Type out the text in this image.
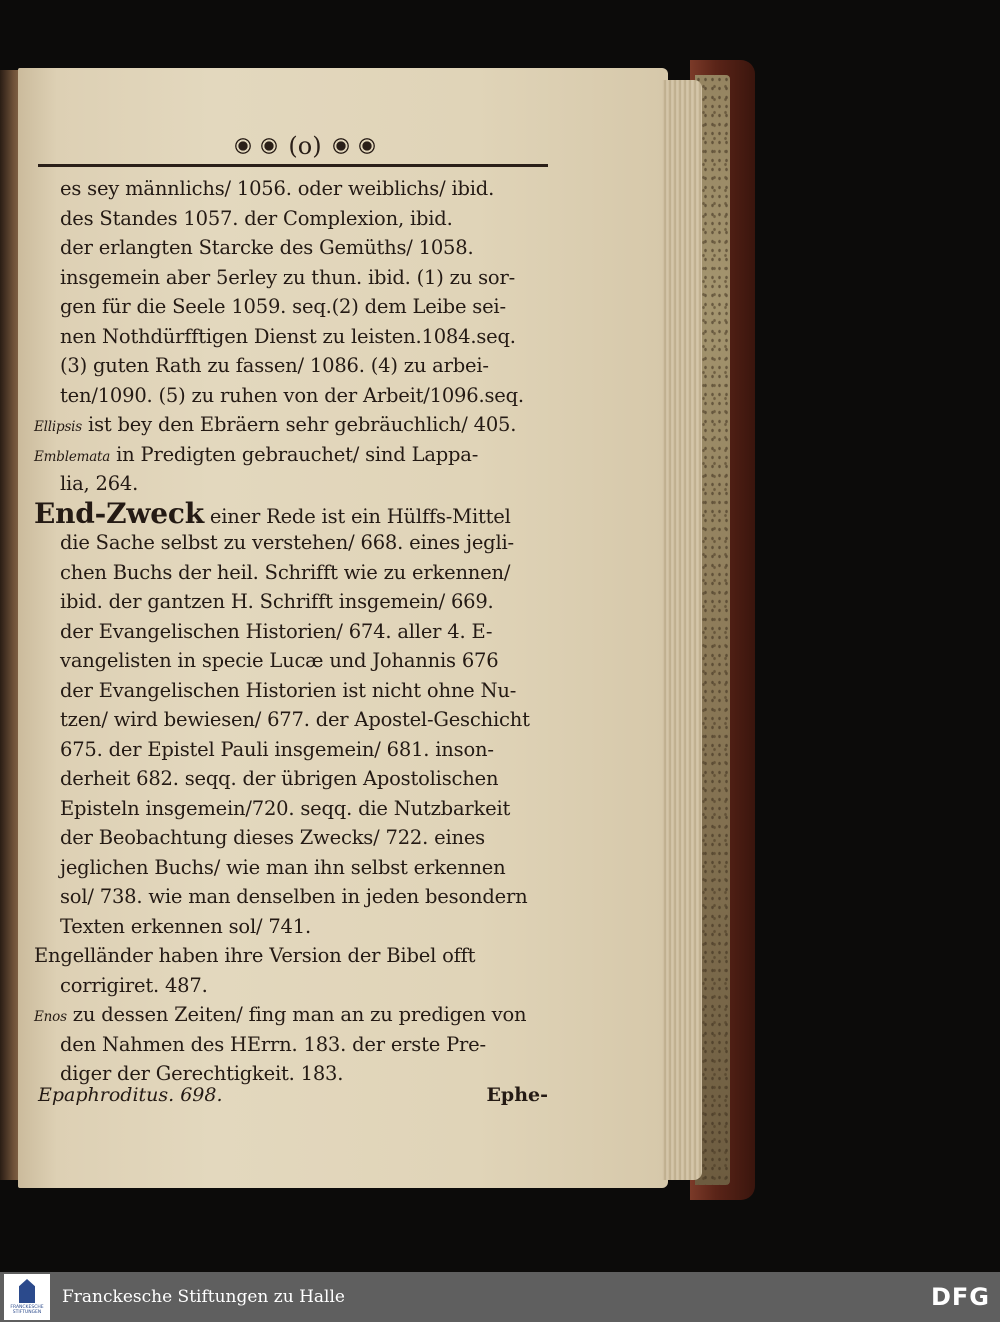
(o)
es sey männlichs/ 1056. oder weiblichs/ ibid.
des Standes 1057. der Complexion, ibid.
der erlangten Starcke des Gemüths/ 1058.
insgemein aber 5erley zu thun. ibid. (1) zu sor-
gen für die Seele 1059. seq.(2) dem Leibe sei-
nen Nothdürfftigen Dienst zu leisten.1084.seq.
(3) guten Rath zu fassen/ 1086. (4) zu arbei-
ten/1090. (5) zu ruhen von der Arbeit/1096.seq.
Ellipsis ist bey den Ebräern sehr gebräuchlich/ 405.
Emblemata in Predigten gebrauchet/ sind Lappa-
lia, 264.
End-Zweck einer Rede ist ein Hülffs-Mittel
die Sache selbst zu verstehen/ 668. eines jegli-
chen Buchs der heil. Schrifft wie zu erkennen/
ibid. der gantzen H. Schrifft insgemein/ 669.
der Evangelischen Historien/ 674. aller 4. E-
vangelisten in specie Lucæ und Johannis 676
der Evangelischen Historien ist nicht ohne Nu-
tzen/ wird bewiesen/ 677. der Apostel-Geschicht
675. der Epistel Pauli insgemein/ 681. inson-
derheit 682. seqq. der übrigen Apostolischen
Episteln insgemein/720. seqq. die Nutzbarkeit
der Beobachtung dieses Zwecks/ 722. eines
jeglichen Buchs/ wie man ihn selbst erkennen
sol/ 738. wie man denselben in jeden besondern
Texten erkennen sol/ 741.
Engelländer haben ihre Version der Bibel offt
corrigiret. 487.
Enos zu dessen Zeiten/ fing man an zu predigen von
den Nahmen des HErrn. 183. der erste Pre-
diger der Gerechtigkeit. 183.
Epaphroditus. 698.	Ephe-
FRANCKESCHE
STIFTUNGEN
Franckesche Stiftungen zu Halle	DFG
